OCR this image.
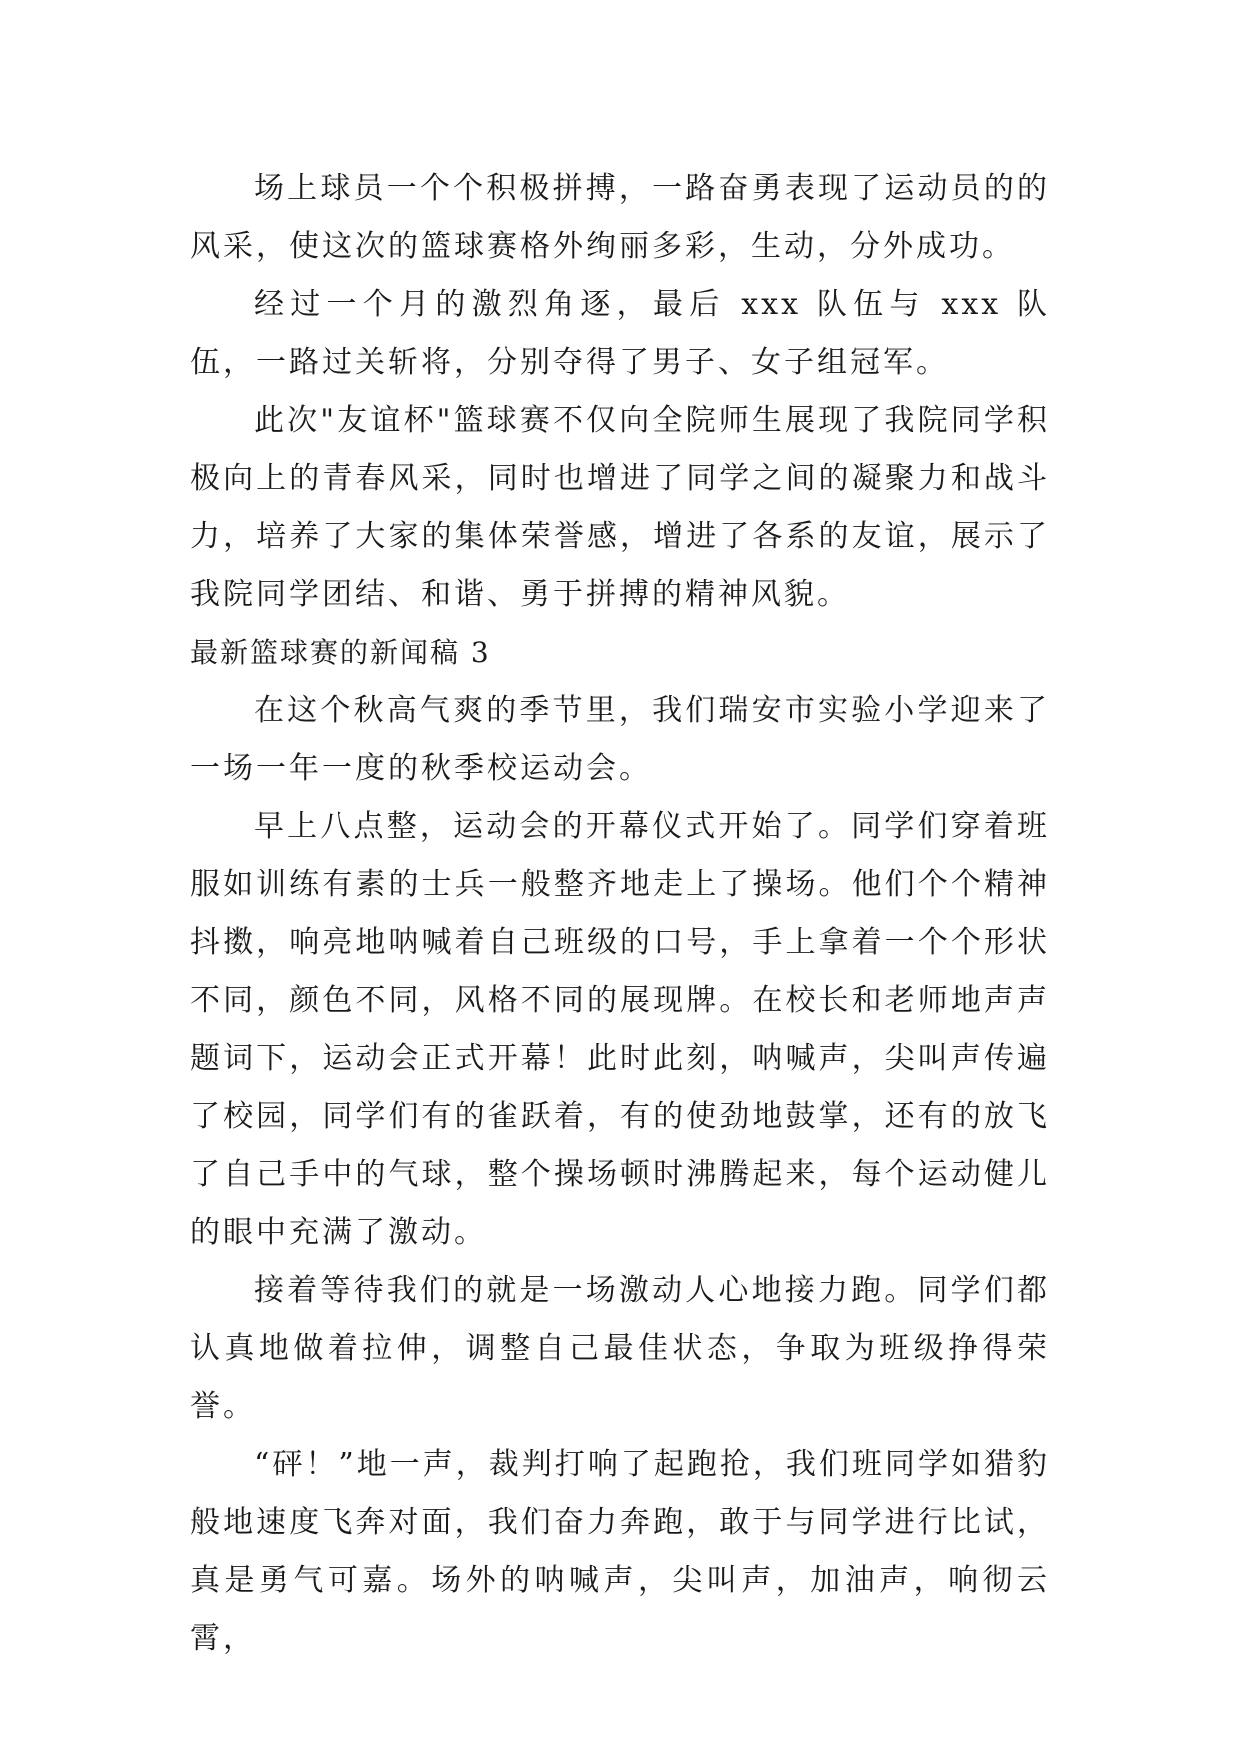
场上球员一个个积极拼搏，一路奋勇表现了运动员的的风采，使这次的篮球赛格外绚丽多彩，生动，分外成功。

经过一个月的激烈角逐，最后 xxx 队伍与 xxx 队伍，一路过关斩将，分别夺得了男子、女子组冠军。

此次"友谊杯"篮球赛不仅向全院师生展现了我院同学积极向上的青春风采，同时也增进了同学之间的凝聚力和战斗力，培养了大家的集体荣誉感，增进了各系的友谊，展示了我院同学团结、和谐、勇于拼搏的精神风貌。

最新篮球赛的新闻稿 3

在这个秋高气爽的季节里，我们瑞安市实验小学迎来了一场一年一度的秋季校运动会。

早上八点整，运动会的开幕仪式开始了。同学们穿着班服如训练有素的士兵一般整齐地走上了操场。他们个个精神抖擞，响亮地呐喊着自己班级的口号，手上拿着一个个形状不同，颜色不同，风格不同的展现牌。在校长和老师地声声题词下，运动会正式开幕！此时此刻，呐喊声，尖叫声传遍了校园，同学们有的雀跃着，有的使劲地鼓掌，还有的放飞了自己手中的气球，整个操场顿时沸腾起来，每个运动健儿的眼中充满了激动。

接着等待我们的就是一场激动人心地接力跑。同学们都认真地做着拉伸，调整自己最佳状态，争取为班级挣得荣誉。

“砰！”地一声，裁判打响了起跑抢，我们班同学如猎豹般地速度飞奔对面，我们奋力奔跑，敢于与同学进行比试，真是勇气可嘉。场外的呐喊声，尖叫声，加油声，响彻云霄，
